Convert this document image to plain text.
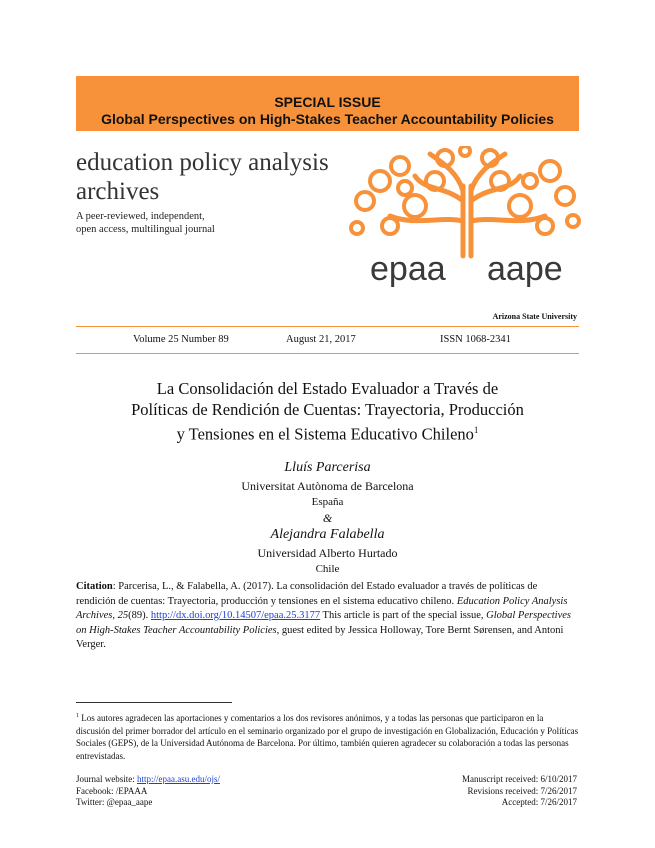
SPECIAL ISSUE
Global Perspectives on High-Stakes Teacher Accountability Policies
education policy analysis
archives
A peer-reviewed, independent,
open access, multilingual journal
epaa aape
Arizona State University
Volume 25 Number 89	August 21, 2017	ISSN 1068-2341
La Consolidación del Estado Evaluador a Través de
Políticas de Rendición de Cuentas: Trayectoria, Producción
y Tensiones en el Sistema Educativo Chileno$^1$
Lluís Parcerisa
Universitat Autònoma de Barcelona
España
&
Alejandra Falabella
Universidad Alberto Hurtado
Chile
Citation: Parcerisa, L., & Falabella, A. (2017). La consolidación del Estado evaluador a través de políticas de rendición de cuentas: Trayectoria, producción y tensiones en el sistema educativo chileno. Education Policy Analysis Archives, 25(89). http://dx.doi.org/10.14507/epaa.25.3177 This article is part of the special issue, Global Perspectives on High-Stakes Teacher Accountability Policies, guest edited by Jessica Holloway, Tore Bernt Sørensen, and Antoni Verger.
$^1$ Los autores agradecen las aportaciones y comentarios a los dos revisores anónimos, y a todas las personas que participaron en la discusión del primer borrador del artículo en el seminario organizado por el grupo de investigación en Globalización, Educación y Políticas Sociales (GEPS), de la Universidad Autónoma de Barcelona. Por último, también quieren agradecer su colaboración a todas las personas entrevistadas.
Journal website: http://epaa.asu.edu/ojs/
Facebook: /EPAAA
Twitter: @epaa_aape
Manuscript received: 6/10/2017
Revisions received: 7/26/2017
Accepted: 7/26/2017
